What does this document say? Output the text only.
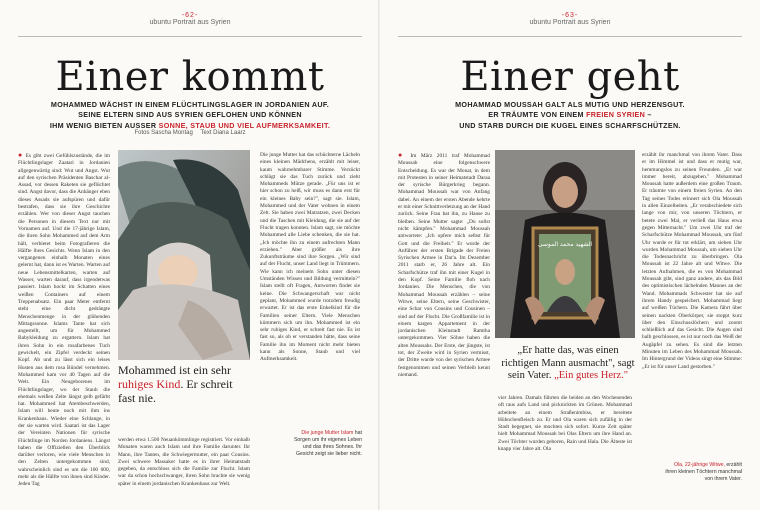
-62-
ubuntu Portrait aus Syrien
Einer kommt
MOHAMMED WÄCHST IN EINEM FLÜCHTLINGSLAGER IN JORDANIEN AUF.
SEINE ELTERN SIND AUS SYRIEN GEFLOHEN UND KÖNNEN
IHM WENIG BIETEN AUSSER SONNE, STAUB UND VIEL AUFMERKSAMKEIT.
Fotos Sascha Montag Text Diana Laarz
● Es gibt zwei Gefühlszustände, die im Flüchtlingslager Zaatari in Jordanien allgegenwärtig sind: Wut und Angst. Wut auf den syrischen Präsidenten Baschar al-Assad, vor dessen Raketen sie geflüchtet sind. Angst davor, dass die Anhänger eben dieses Assads sie aufspüren und dafür bestrafen, dass sie ihre Geschichte erzählen. Wer von dieser Angst tauchen die Personen in diesem Text nur mit Vornamen auf. Und die 17-jährige Islam, die ihren Sohn Mohammed auf dem Arm hält, verbietet beim Fotografieren die Hälfte ihres Gesichts. Wenn Islam in den vergangenen einhalb Monaten eines gelernt hat, dann ist es Warten. Warten auf neue Lebensmittelkarten, warten auf Wasser, warten darauf, dass irgendetwas passiert. Islam hockt im Schatten eines weißen Containers auf einem Treppenabsatz. Ein paar Meter entfernt steht eine dicht gedrängte Menschenmenge in der glühenden Mittagssonne. Islams Tante hat sich angestellt, um für Mohammed Babykleidung zu ergattern. Islam hat ihren Sohn in ein rosafarbenes Tuch gewickelt, ein Zipfel verdeckt seinen Kopf. Ab und zu lässt sich ein leises Husten aus dem rosa Bündel vernehmen. Mohammed kam vor 40 Tagen auf die Welt. Ein Neugeborenes im Flüchtlingslager, wo der Staub die ehemals weißen Zelte längst gelb gefärbt hat. Mohammed hat Atembeschwerden, Islam will heute noch mit ihm ins Krankenhaus. Wieder eine Schlange, in der sie warten wird. Saatari ist das Lager der Vereinten Nationen für syrische Flüchtlinge im Norden Jordaniens. Längst haben die Offiziellen den Überblick darüber verloren, wie viele Menschen in den Zelten untergekommen sind, wahrscheinlich sind es um die 100 000, mehr als die Hälfte von ihnen sind Kinder. Jeden Tag
Die junge Mutter hat das schüchterne Lächeln eines kleinen Mädchens, erzählt mit leiser, kaum wahrnehmbarer Stimme. Verzückt schlägt sie das Tuch zurück und zieht Mohammeds Mütze gerade. „Für uns ist er hier schon zu heiß, wir muss es dann erst für ein kleines Baby sein?", sagt sie. Islam, Mohammed und der Vater wohnen in einem Zelt. Sie haben zwei Matratzen, zwei Decken und die Taschen mit Kleidung, die sie auf der Flucht tragen konnten. Islam sagt, sie möchte Mohammed alle Liebe schenken, die sie hat. „Ich möchte ihn zu einem aufrechten Mann erziehen." Aber größer als ihre Zukunftsträume sind ihre Sorgen. „Wir sind auf der Flucht, unser Land liegt in Trümmern. Wie kann ich meinem Sohn unter diesen Umständen Wissen und Bildung vermitteln?" Islam stellt oft Fragen, Antworten findet sie keine. Die Schwangerschaft war nicht geplant, Mohammed wurde trotzdem freudig erwartet. Er ist das erste Enkelkind für die Familien seiner Eltern. Viele Menschen kümmern sich um ihn. Mohammed ist ein sehr ruhiges Kind, er schreit fast nie. Es ist fast so, als ob er verstanden hätte, dass seine Familie ihn im Moment nicht mehr bieten kann als Sonne, Staub und viel Aufmerksamkeit.
Mohammed ist ein sehr ruhiges Kind. Er schreit fast nie.
werden etwa 1.500 Neuankömmlinge registriert. Vor einhalb Monaten waren auch Islam und ihre Familie darunter. Ihr Mann, ihre Tanten, die Schwiegermutter, ein paar Cousins. Zwei schwere Massaker hatte es in ihrer Heimatstadt gegeben, da entschloss sich die Familie zur Flucht. Islam war da schon hochschwanger, ihren Sohn brachte sie wenig später in einem jordanischen Krankenhaus zur Welt.
Die junge Mutter Islam hat Sorgen um ihr eigenes Leben und das ihres Sohnes. Ihr Gesicht zeigt sie lieber nicht.
-63-
ubuntu Portrait aus Syrien
Einer geht
MOHAMMAD MOUSSAH GALT ALS MUTIG UND HERZENSGUT.
ER TRÄUMTE VON EINEM FREIEN SYRIEN –
UND STARB DURCH DIE KUGEL EINES SCHARFSCHÜTZEN.
● Im März 2011 traf Mohammad Moussah eine folgenschwere Entscheidung. Es war der Monat, in dem mit Protesten in seiner Heimatstadt Daraa der syrische Bürgerkrieg begann. Mohammad Moussah war von Anfang dabei. An einem der ersten Abende kehrte er mit einer Schnittverletzung an der Hand zurück. Seine Frau bat ihn, zu Hause zu bleiben. Seine Mutter sagte: „Du sollst nicht kämpfen." Mohammad Moussah antwortete: „Ich opfere mich selbst für Gott und die Freiheit." Er wurde der Anführer der ersten Brigade der Freien Syrischen Armee in Dar'a. Im Dezember 2011 starb er, 26 Jahre alt. Ein Scharfschütze traf ihn mit einer Kugel in den Kopf. Seine Familie floh nach Jordanien. Die Menschen, die von Mohammad Moussah erzählen – seine Witwe, seine Eltern, seine Geschwister, eine Schar von Cousins und Cousinen – sind auf der Flucht. Die Großfamilie ist in einem kargen Appartement in der jordanischen Kleinstadt Ramtha untergekommen. Vier Söhne haben die alten Moussahs. Der Erste, der jüngste, ist tot, der Zweite wird in Syrien vermisst, der Dritte wurde von der syrischen Armee festgenommen und seinen Verbleib kennt niemand.
الشهيد محمد الموسى
„Er hatte das, was einen richtigen Mann ausmacht", sagt sein Vater. „Ein gutes Herz."
vier Jahren. Damals führten die beiden an den Wochenenden oft raus aufs Land und picknickten im Grünen. Mohammad arbeitete an einem Straßenimbiss, er bereitete Hühnchenfleisch zu. Er und Ola waren sich zufällig in der Stadt begegnet, sie mochten sich sofort. Kurze Zeit später hielt Mohammad Moussah bei Olas Eltern um ihre Hand an. Zwei Töchter wurden geboren, Rain und Hala. Die Älteste ist knapp vier Jahre alt. Ola
erzählt ihr manchmal von ihrem Vater. Dass er im Himmel ist und dass er mutig war, hemmungslos zu seinen Freunden. „Er war immer bereit, abzugeben." Mohammad Moussah hatte außerdem eine großen Traum. Er träumte von einem freien Syrien. An den Tag seines Todes erinnert sich Ola Moussah in allen Einzelheiten. „Er verabschiedete sich lange von mir, von unseren Töchtern, er betete zwei Mal, er verließ das Haus etwa gegen Mitternacht." Um zwei Uhr traf der Scharfschütze Mohammad Moussah, um fünf Uhr wurde er für tot erklärt, um sieben Uhr wurden Mohammad Moussah, um sieben Uhr die Todesnachricht zu überbringen. Ola Moussah ist 22 Jahre alt und Witwe. Die letzten Aufnahmen, die es von Mohammad Moussah gibt, sind ganz andere, als das Bild des optimistischen lächelnden Mannes an der Wand. Mohammads Schwester hat sie auf ihrem Handy gespeichert. Mohammad liegt auf weißen Tüchern. Die Kamera fährt über seinen nackten Oberkörper, sie stoppt kurz über den Einschusslöchern und zoomt schließlich auf das Gesicht. Die Augen sind halb geschlossen, es ist nur noch das Weiß der Augäpfel zu sehen. Es sind die letzten Minuten im Leben des Mohammad Moussah. Im Hintergrund der Videos singt eine Stimme: „Er ist für unser Land gestorben."
Ola, 22-jährige Witwe, erzählt ihren kleinen Töchtern manchmal von ihrem Vater.
